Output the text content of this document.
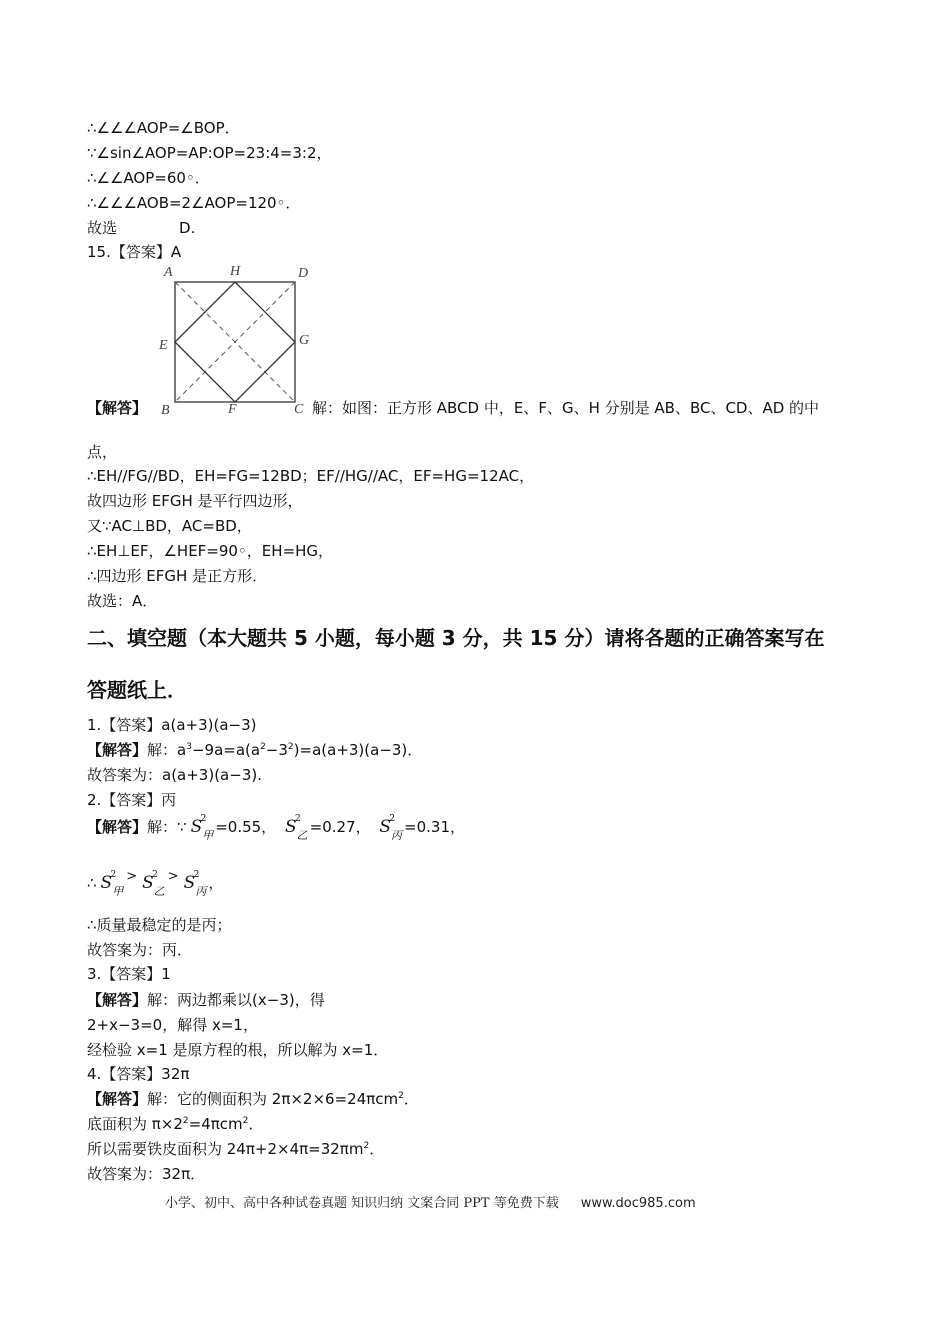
∴∠∠∠AOP=∠BOP．
∵∠sin∠AOP=AP:OP=23:4=3:2，
∴∠∠AOP=60◦．
∴∠∠∠AOB=2∠AOP=120◦．
故选	D.
15.【答案】A
A	H	D
E	G
B	F	C
【解答】	解：如图：正方形 ABCD 中，E、F、G、H 分别是 AB、BC、CD、AD 的中
点，
∴EH//FG//BD，EH=FG=12BD；EF//HG//AC，EF=HG=12AC，
故四边形 EFGH 是平行四边形，
又∵AC⊥BD，AC=BD，
∴EH⊥EF，∠HEF=90◦，EH=HG，
∴四边形 EFGH 是正方形．
故选：A．
二、填空题（本大题共 5 小题，每小题 3 分，共 15 分）请将各题的正确答案写在
答题纸上．
1.【答案】a(a+3)(a−3)
【解答】解：$a^3-9a=a(a^2-3^2)=a(a+3)(a-3)$．
故答案为：a(a+3)(a−3).
2.【答案】丙
【解答】解：∵ S
2
$_甲$ =0.55， S
2
$_乙$ =0.27， S
2
$_丙$ =0.31，
∴ S
2
$_甲$> S
2
$_乙$> S
2
$_丙$ ，
∴质量最稳定的是丙；
故答案为：丙．
3.【答案】1
【解答】解：两边都乘以(x−3)，得
2+x−3=0，解得 x=1，
经检验 x=1 是原方程的根，所以解为 x=1．
4.【答案】32π
【解答】解：它的侧面积为 2π×2×6=24πcm$^2$．
底面积为 $\pi\times 2^2=4\pi cm^2$．
所以需要铁皮面积为 $24\pi+2\times 4\pi=32\pi m^2$．
故答案为：32π．
小学、初中、高中各种试卷真题 知识归纳 文案合同 PPT 等免费下载 www.doc985.com
